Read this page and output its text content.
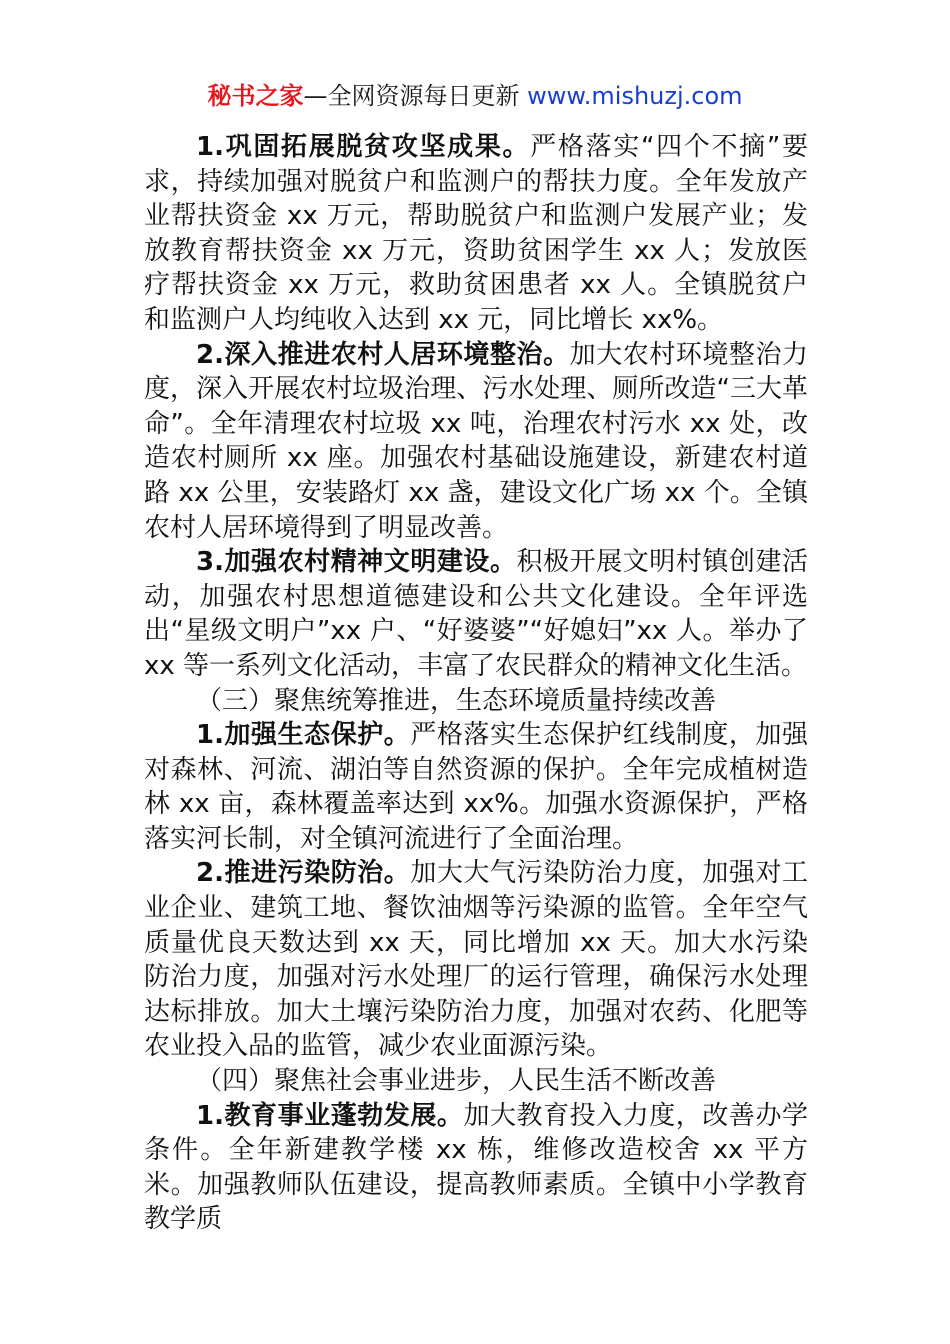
秘书之家—全网资源每日更新 www.mishuzj.com

1.巩固拓展脱贫攻坚成果。严格落实“四个不摘”要求，持续加强对脱贫户和监测户的帮扶力度。全年发放产业帮扶资金 xx 万元，帮助脱贫户和监测户发展产业；发放教育帮扶资金 xx 万元，资助贫困学生 xx 人；发放医疗帮扶资金 xx 万元，救助贫困患者 xx 人。全镇脱贫户和监测户人均纯收入达到 xx 元，同比增长 xx%。

2.深入推进农村人居环境整治。加大农村环境整治力度，深入开展农村垃圾治理、污水处理、厕所改造“三大革命”。全年清理农村垃圾 xx 吨，治理农村污水 xx 处，改造农村厕所 xx 座。加强农村基础设施建设，新建农村道路 xx 公里，安装路灯 xx 盏，建设文化广场 xx 个。全镇农村人居环境得到了明显改善。

3.加强农村精神文明建设。积极开展文明村镇创建活动，加强农村思想道德建设和公共文化建设。全年评选出“星级文明户”xx 户、“好婆婆”“好媳妇”xx 人。举办了 xx 等一系列文化活动，丰富了农民群众的精神文化生活。

（三）聚焦统筹推进，生态环境质量持续改善

1.加强生态保护。严格落实生态保护红线制度，加强对森林、河流、湖泊等自然资源的保护。全年完成植树造林 xx 亩，森林覆盖率达到 xx%。加强水资源保护，严格落实河长制，对全镇河流进行了全面治理。

2.推进污染防治。加大大气污染防治力度，加强对工业企业、建筑工地、餐饮油烟等污染源的监管。全年空气质量优良天数达到 xx 天，同比增加 xx 天。加大水污染防治力度，加强对污水处理厂的运行管理，确保污水处理达标排放。加大土壤污染防治力度，加强对农药、化肥等农业投入品的监管，减少农业面源污染。

（四）聚焦社会事业进步，人民生活不断改善

1.教育事业蓬勃发展。加大教育投入力度，改善办学条件。全年新建教学楼 xx 栋，维修改造校舍 xx 平方米。加强教师队伍建设，提高教师素质。全镇中小学教育教学质
